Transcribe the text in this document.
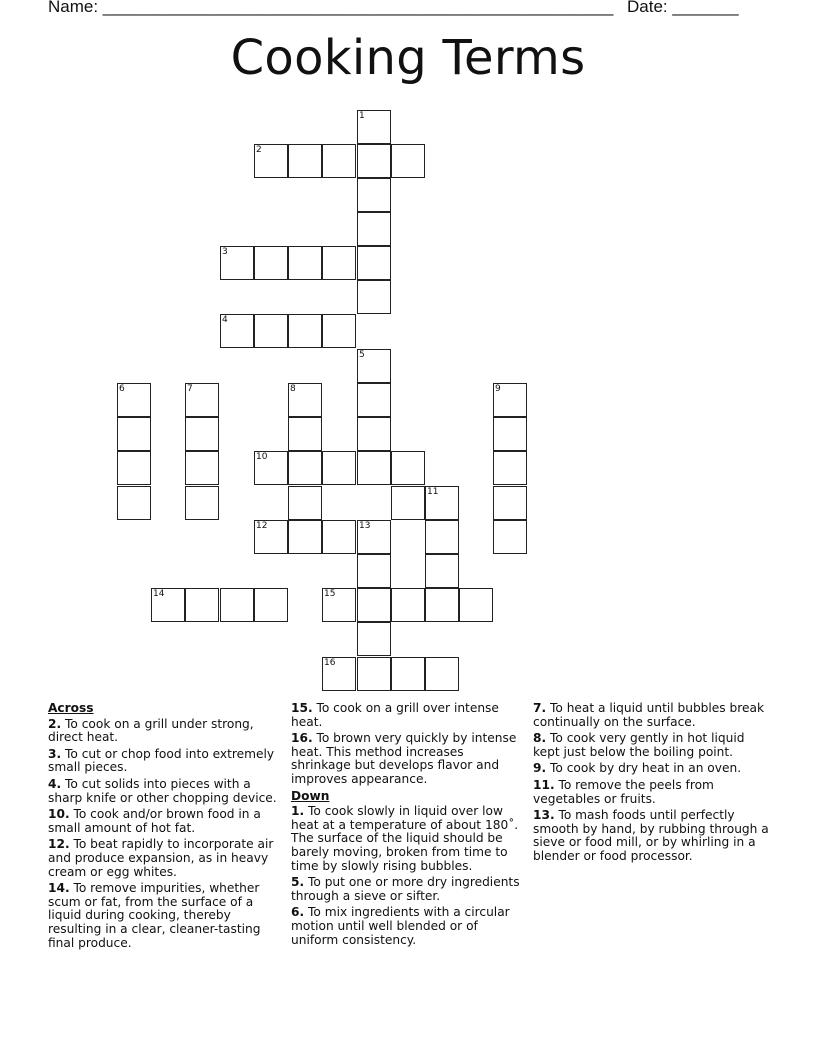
Name: ______________________________________________________ Date: _______
Cooking Terms
1
2
3
4
5
6	7	8	9
10
11
12	13
14	15
16
Across
2. To cook on a grill under strong, direct heat.
3. To cut or chop food into extremely small pieces.
4. To cut solids into pieces with a sharp knife or other chopping device.
10. To cook and/or brown food in a small amount of hot fat.
12. To beat rapidly to incorporate air and produce expansion, as in heavy cream or egg whites.
14. To remove impurities, whether scum or fat, from the surface of a liquid during cooking, thereby resulting in a clear, cleaner-tasting final produce.
15. To cook on a grill over intense heat.
16. To brown very quickly by intense heat. This method increases shrinkage but develops flavor and improves appearance.
Down
1. To cook slowly in liquid over low heat at a temperature of about 180˚. The surface of the liquid should be barely moving, broken from time to time by slowly rising bubbles.
5. To put one or more dry ingredients through a sieve or sifter.
6. To mix ingredients with a circular motion until well blended or of uniform consistency.
7. To heat a liquid until bubbles break continually on the surface.
8. To cook very gently in hot liquid kept just below the boiling point.
9. To cook by dry heat in an oven.
11. To remove the peels from vegetables or fruits.
13. To mash foods until perfectly smooth by hand, by rubbing through a sieve or food mill, or by whirling in a blender or food processor.
